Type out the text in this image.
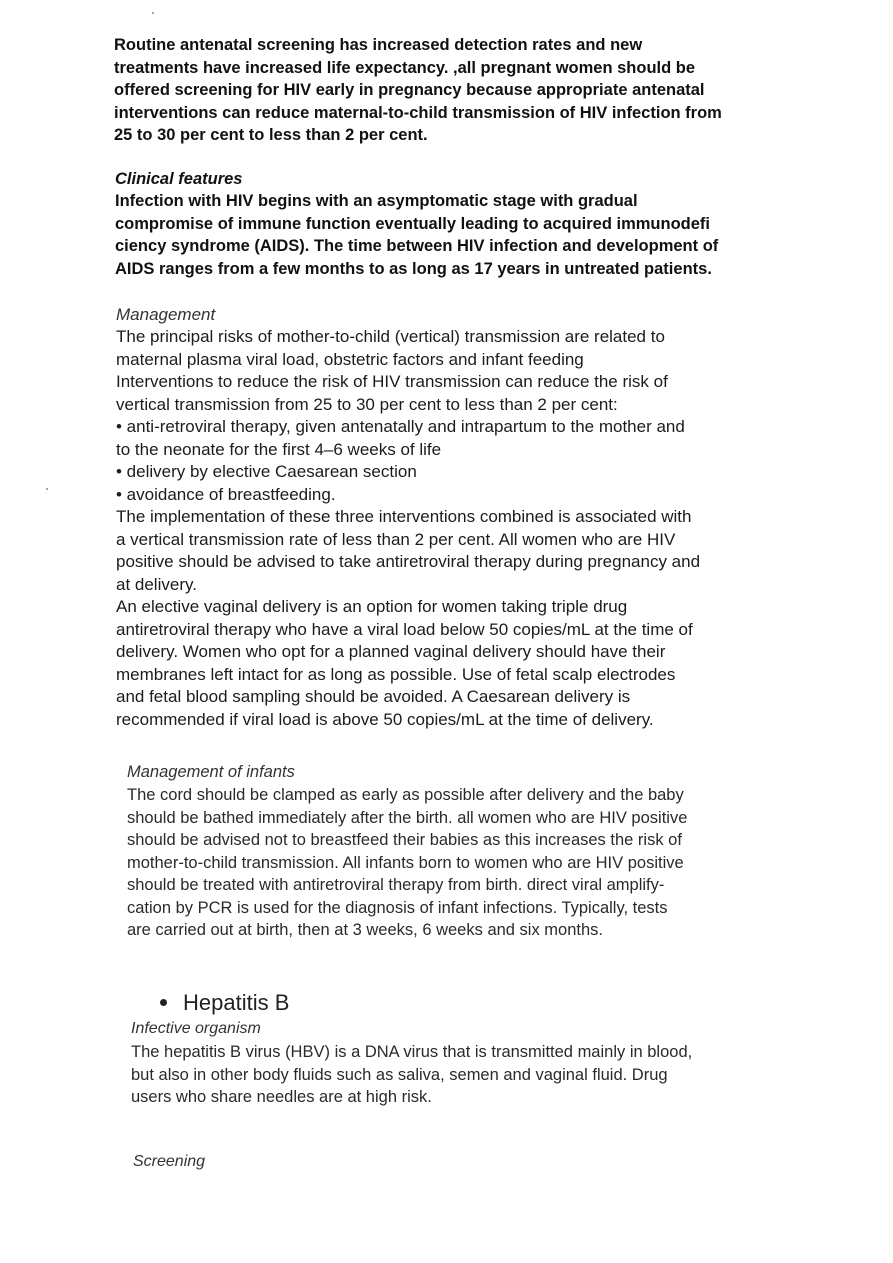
Routine antenatal screening has increased detection rates and new
treatments have increased life expectancy. ,all pregnant women should be
offered screening for HIV early in pregnancy because appropriate antenatal
interventions can reduce maternal-to-child transmission of HIV infection from
25 to 30 per cent to less than 2 per cent.
Clinical features
Infection with HIV begins with an asymptomatic stage with gradual
compromise of immune function eventually leading to acquired immunodefi
ciency syndrome (AIDS). The time between HIV infection and development of
AIDS ranges from a few months to as long as 17 years in untreated patients.
Management
The principal risks of mother-to-child (vertical) transmission are related to
maternal plasma viral load, obstetric factors and infant feeding
Interventions to reduce the risk of HIV transmission can reduce the risk of
vertical transmission from 25 to 30 per cent to less than 2 per cent:
• anti-retroviral therapy, given antenatally and intrapartum to the mother and
to the neonate for the first 4–6 weeks of life
• delivery by elective Caesarean section
• avoidance of breastfeeding.
The implementation of these three interventions combined is associated with
a vertical transmission rate of less than 2 per cent. All women who are HIV
positive should be advised to take antiretroviral therapy during pregnancy and
at delivery.
An elective vaginal delivery is an option for women taking triple drug
antiretroviral therapy who have a viral load below 50 copies/mL at the time of
delivery. Women who opt for a planned vaginal delivery should have their
membranes left intact for as long as possible. Use of fetal scalp electrodes
and fetal blood sampling should be avoided. A Caesarean delivery is
recommended if viral load is above 50 copies/mL at the time of delivery.
Management of infants
The cord should be clamped as early as possible after delivery and the baby
should be bathed immediately after the birth. all women who are HIV positive
should be advised not to breastfeed their babies as this increases the risk of
mother-to-child transmission. All infants born to women who are HIV positive
should be treated with antiretroviral therapy from birth. direct viral amplify-
cation by PCR is used for the diagnosis of infant infections. Typically, tests
are carried out at birth, then at 3 weeks, 6 weeks and six months.
Hepatitis B
Infective organism
The hepatitis B virus (HBV) is a DNA virus that is transmitted mainly in blood,
but also in other body fluids such as saliva, semen and vaginal fluid. Drug
users who share needles are at high risk.
Screening
